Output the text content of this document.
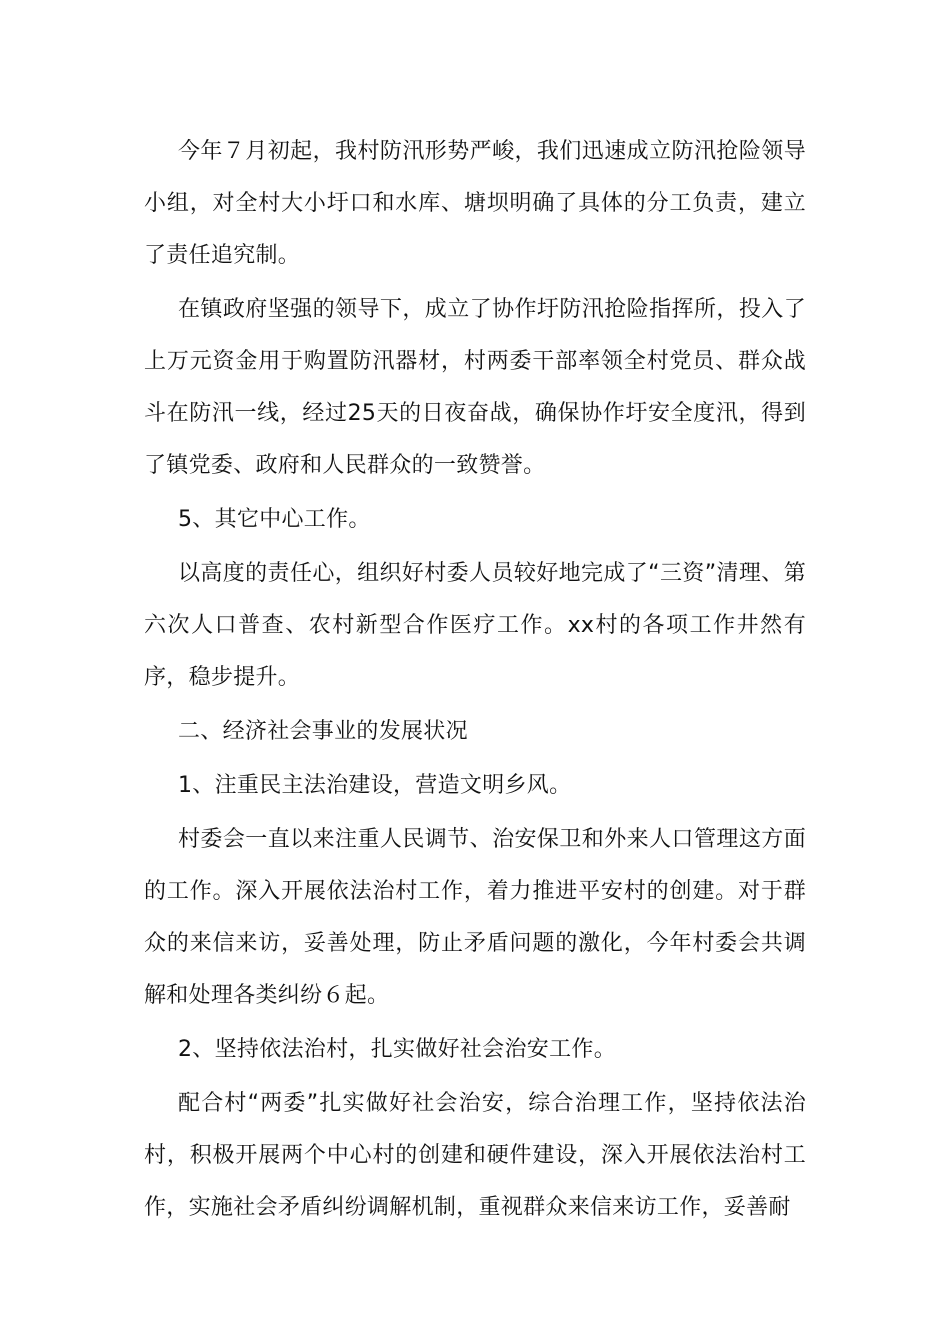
今年７月初起，我村防汛形势严峻，我们迅速成立防汛抢险领导小组，对全村大小圩口和水库、塘坝明确了具体的分工负责，建立了责任追究制。

在镇政府坚强的领导下，成立了协作圩防汛抢险指挥所，投入了上万元资金用于购置防汛器材，村两委干部率领全村党员、群众战斗在防汛一线，经过25天的日夜奋战，确保协作圩安全度汛，得到了镇党委、政府和人民群众的一致赞誉。

5、其它中心工作。

以高度的责任心，组织好村委人员较好地完成了“三资”清理、第六次人口普查、农村新型合作医疗工作。xx村的各项工作井然有序，稳步提升。

二、经济社会事业的发展状况

1、注重民主法治建设，营造文明乡风。

村委会一直以来注重人民调节、治安保卫和外来人口管理这方面的工作。深入开展依法治村工作，着力推进平安村的创建。对于群众的来信来访，妥善处理，防止矛盾问题的激化，今年村委会共调解和处理各类纠纷６起。

2、坚持依法治村，扎实做好社会治安工作。

配合村“两委”扎实做好社会治安，综合治理工作，坚持依法治村，积极开展两个中心村的创建和硬件建设，深入开展依法治村工作，实施社会矛盾纠纷调解机制，重视群众来信来访工作，妥善耐
